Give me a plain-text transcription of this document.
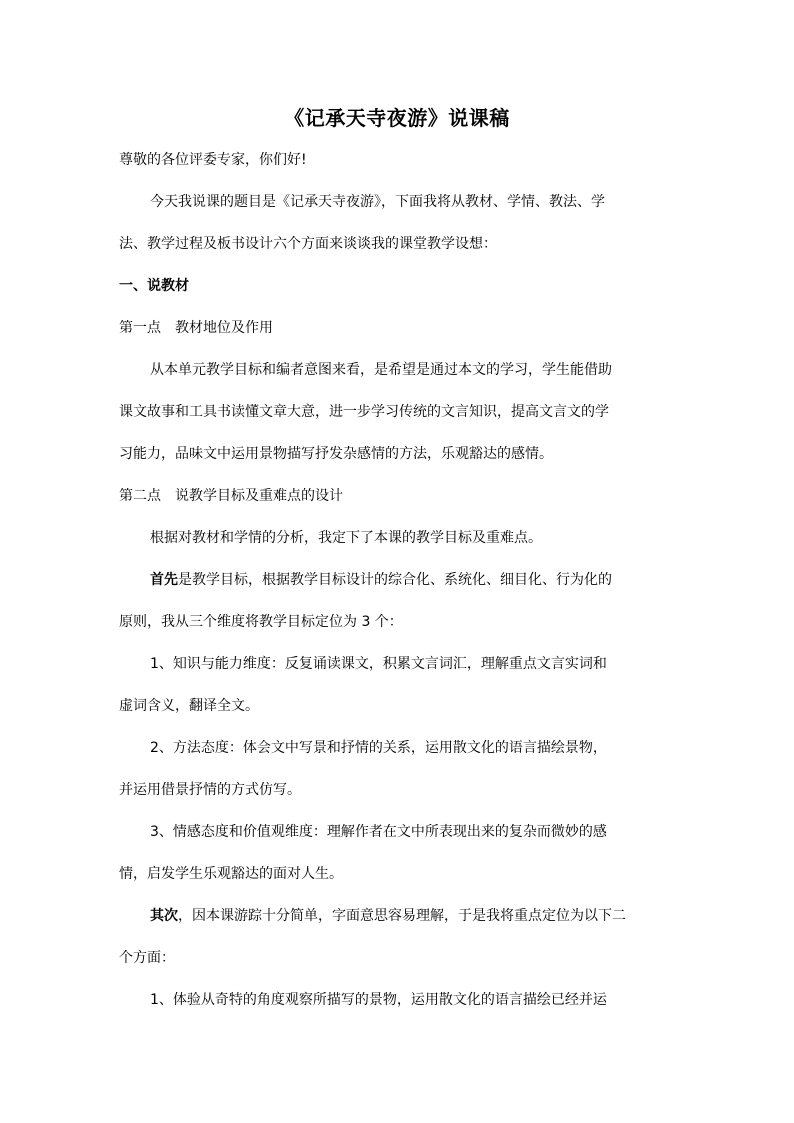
《记承天寺夜游》说课稿
尊敬的各位评委专家，你们好!
今天我说课的题目是《记承天寺夜游》，下面我将从教材、学情、教法、学
法、教学过程及板书设计六个方面来谈谈我的课堂教学设想：
一、说教材
第一点　教材地位及作用
从本单元教学目标和编者意图来看，是希望是通过本文的学习，学生能借助
课文故事和工具书读懂文章大意，进一步学习传统的文言知识，提高文言文的学
习能力，品味文中运用景物描写抒发杂感情的方法，乐观豁达的感情。
第二点　说教学目标及重难点的设计
根据对教材和学情的分析，我定下了本课的教学目标及重难点。
首先是教学目标，根据教学目标设计的综合化、系统化、细目化、行为化的
原则，我从三个维度将教学目标定位为 3 个：
1、知识与能力维度：反复诵读课文，积累文言词汇，理解重点文言实词和
虚词含义，翻译全文。
2、方法态度：体会文中写景和抒情的关系，运用散文化的语言描绘景物，
并运用借景抒情的方式仿写。
3、情感态度和价值观维度：理解作者在文中所表现出来的复杂而微妙的感
情，启发学生乐观豁达的面对人生。
其次，因本课游踪十分简单，字面意思容易理解，于是我将重点定位为以下二
个方面：
1、体验从奇特的角度观察所描写的景物，运用散文化的语言描绘已经并运
